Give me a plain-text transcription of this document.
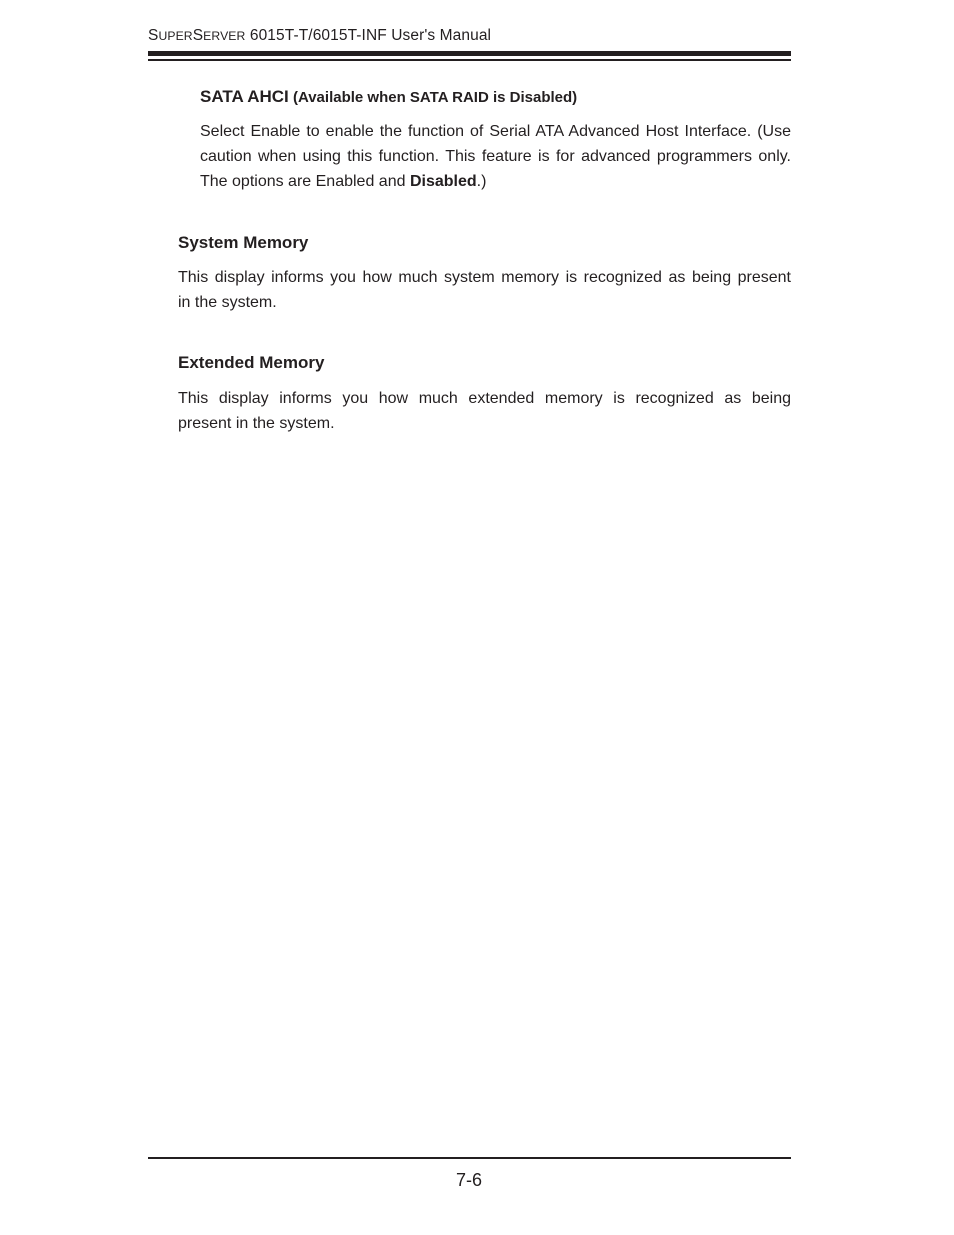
SUPERSERVER 6015T-T/6015T-INF User's Manual
SATA AHCI (Available when SATA RAID is Disabled)
Select Enable to enable the function of Serial ATA Advanced Host Interface. (Use
caution when using this function. This feature is for advanced programmers only.
The options are Enabled and Disabled.)
System Memory
This display informs you how much system memory is recognized as being present
in the system.
Extended Memory
This display informs you how much extended memory is recognized as being
present in the system.
7-6
